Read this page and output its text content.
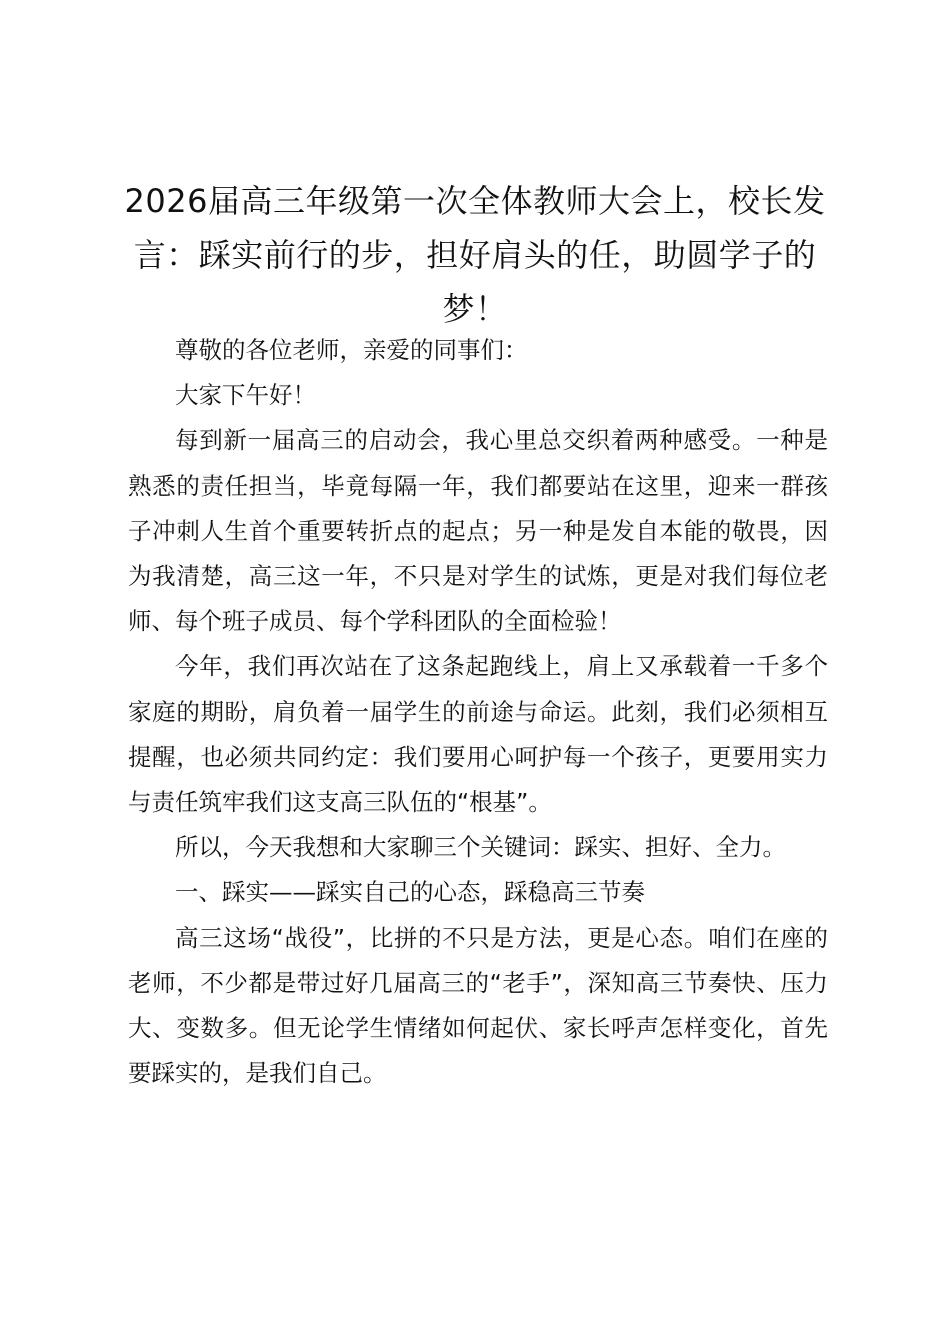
2026届高三年级第一次全体教师大会上，校长发言：踩实前行的步，担好肩头的任，助圆学子的梦！

尊敬的各位老师，亲爱的同事们：

大家下午好！

每到新一届高三的启动会，我心里总交织着两种感受。一种是熟悉的责任担当，毕竟每隔一年，我们都要站在这里，迎来一群孩子冲刺人生首个重要转折点的起点；另一种是发自本能的敬畏，因为我清楚，高三这一年，不只是对学生的试炼，更是对我们每位老师、每个班子成员、每个学科团队的全面检验！

今年，我们再次站在了这条起跑线上，肩上又承载着一千多个家庭的期盼，肩负着一届学生的前途与命运。此刻，我们必须相互提醒，也必须共同约定：我们要用心呵护每一个孩子，更要用实力与责任筑牢我们这支高三队伍的“根基”。

所以，今天我想和大家聊三个关键词：踩实、担好、全力。

一、踩实——踩实自己的心态，踩稳高三节奏

高三这场“战役”，比拼的不只是方法，更是心态。咱们在座的老师，不少都是带过好几届高三的“老手”，深知高三节奏快、压力大、变数多。但无论学生情绪如何起伏、家长呼声怎样变化，首先要踩实的，是我们自己。
